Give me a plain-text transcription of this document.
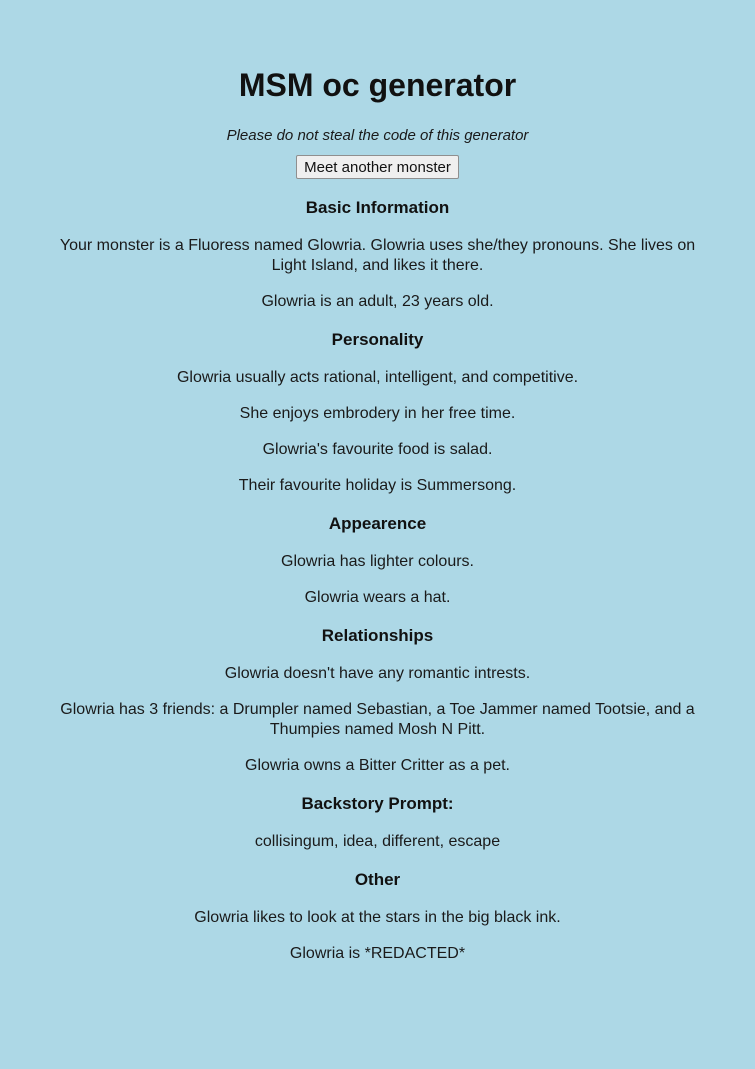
MSM oc generator

Please do not steal the code of this generator

Meet another monster
Basic Information

Your monster is a Fluoress named Glowria. Glowria uses she/they pronouns. She lives on Light Island, and likes it there.

Glowria is an adult, 23 years old.

Personality

Glowria usually acts rational, intelligent, and competitive.

She enjoys embrodery in her free time.

Glowria's favourite food is salad.

Their favourite holiday is Summersong.

Appearence

Glowria has lighter colours.

Glowria wears a hat.

Relationships

Glowria doesn't have any romantic intrests.

Glowria has 3 friends: a Drumpler named Sebastian, a Toe Jammer named Tootsie, and a Thumpies named Mosh N Pitt.

Glowria owns a Bitter Critter as a pet.

Backstory Prompt:

collisingum, idea, different, escape

Other

Glowria likes to look at the stars in the big black ink.

Glowria is *REDACTED*
